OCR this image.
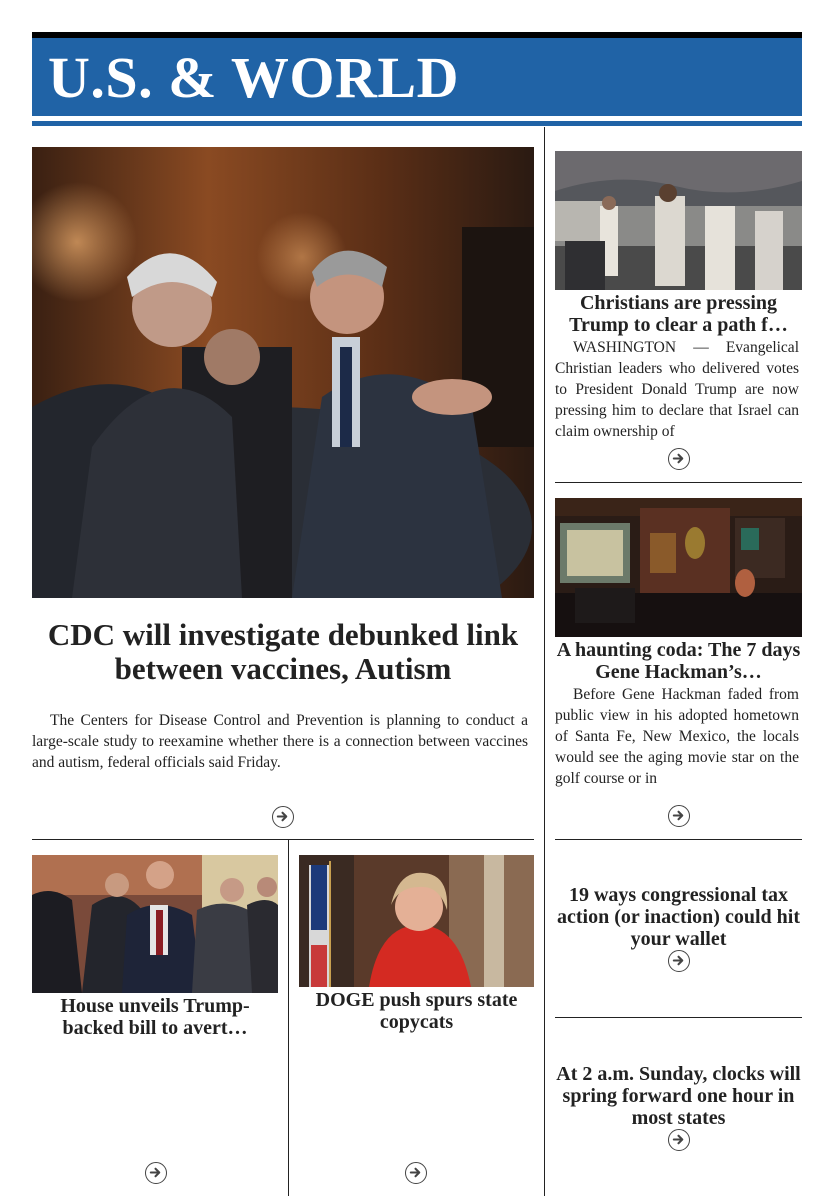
U.S. & WORLD
CDC will investigate debunked link between vaccines, Autism

The Centers for Disease Control and Prevention is planning to conduct a large-scale study to reexamine whether there is a connection between vaccines and autism, federal officials said Friday.

Christians are pressing Trump to clear a path f…

WASHINGTON — Evangelical Christian leaders who delivered votes to President Donald Trump are now pressing him to declare that Israel can claim ownership of

A haunting coda: The 7 days Gene Hackman’s…

Before Gene Hackman faded from public view in his adopted hometown of Santa Fe, New Mexico, the locals would see the aging movie star on the golf course or in

19 ways congressional tax action (or inaction) could hit your wallet
At 2 a.m. Sunday, clocks will spring forward one hour in most states
House unveils Trump-backed bill to avert…
DOGE push spurs state copycats
